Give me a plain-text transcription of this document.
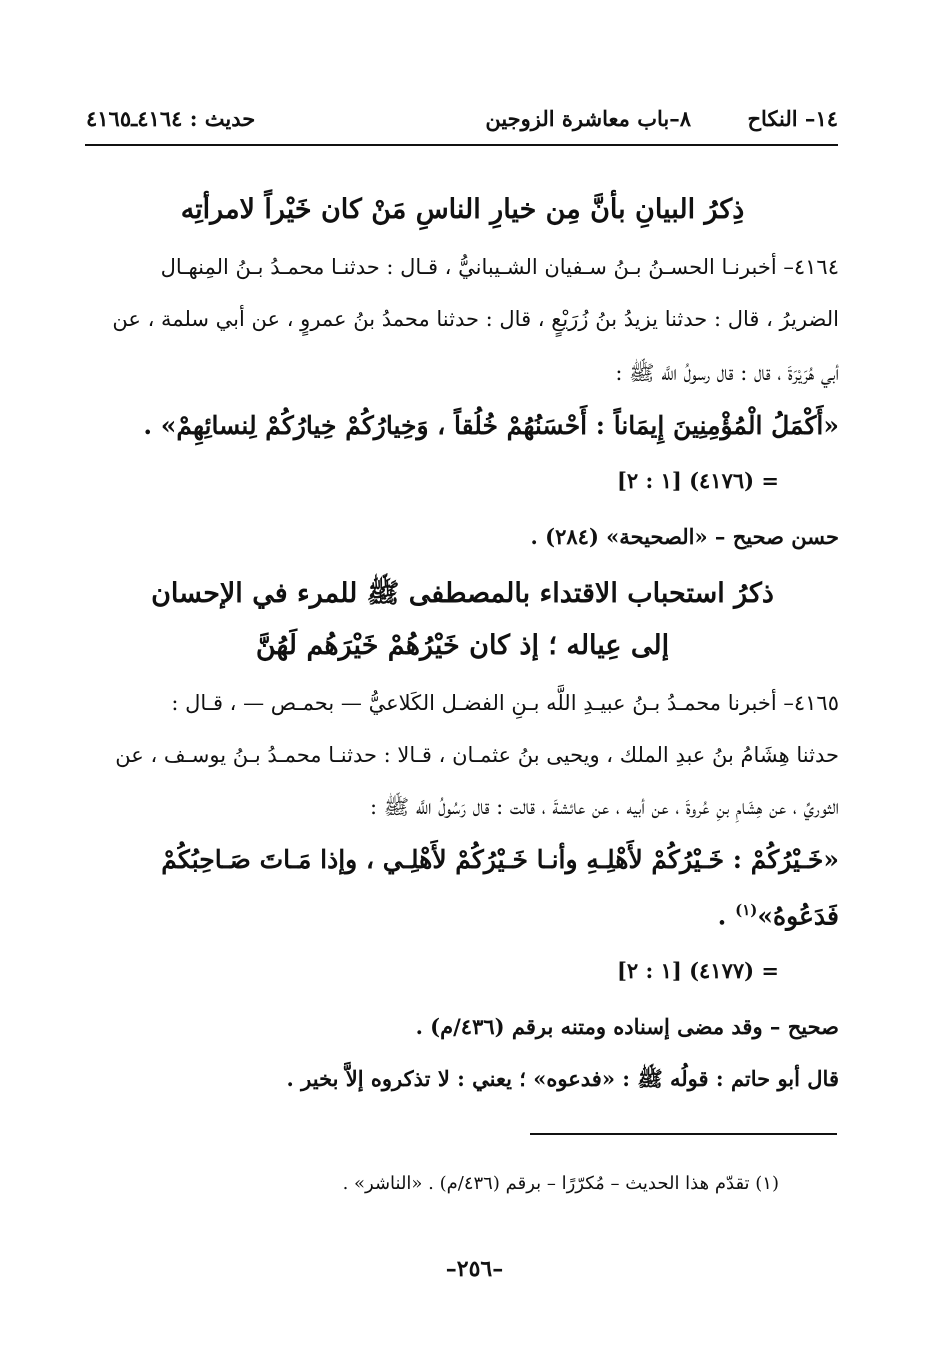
١٤– النكاح
٨–باب معاشرة الزوجين
حديث : ٤١٦٤ـ٤١٦٥
ذِكرُ البيانِ بأنَّ مِن خيارِ الناسِ مَنْ كان خَيْراً لامرأتِه
٤١٦٤– أخبرنـا الحسـنُ بـنُ سـفيان الشـيبانيُّ ، قـال : حدثنـا محمـدُ بـنُ المِنهـال
الضريرُ ، قال : حدثنا يزيدُ بنُ زُرَيْعٍ ، قال : حدثنا محمدُ بنُ عمروٍ ، عن أبي سلمة ، عن
أبي هُرَيْرَةَ ، قال : قال رسولُ اللَّه ﷺ :
«أَكْمَلُ الْمُؤْمِنِينَ إِيمَاناً : أَحْسَنُهُمْ خُلُقاً ، وَخِيارُكُمْ خِيارُكُمْ لِنسائِهِمْ» .
= (٤١٧٦) [١ : ٢]
حسن صحيح – «الصحيحة» (٢٨٤) .
ذكرُ استحباب الاقتداء بالمصطفى ﷺ للمرء في الإحسان
إلى عِياله ؛ إذ كان خَيْرُهُمْ خَيْرَهُم لَهُنَّ
٤١٦٥– أخبرنا محمـدُ بـنُ عبيـدِ اللَّه بـنِ الفضـل الكَلاعيُّ — بحمـص — ، قـال :
حدثنا هِشَامُ بنُ عبدِ الملك ، ويحيى بنُ عثمـان ، قـالا : حدثنـا محمـدُ بـنُ يوسـف ، عن
الثوريِّ ، عن هِشَامِ بنِ عُروةَ ، عن أبيه ، عن عائشةَ ، قالت : قال رَسُولُ اللَّه ﷺ :
«خَـيْرُكُمْ : خَـيْرُكُمْ لأَهْلِـهِ وأنـا خَـيْرُكُمْ لأَهْلِـي ، وإذا مَـاتَ صَـاحِبُكُمْ
فَدَعُوهُ»$^{(١)}$ .
= (٤١٧٧) [١ : ٢]
صحيح – وقد مضى إسناده ومتنه برقم (٤٣٦/م) .
قال أبو حاتم : قولُه ﷺ : «فدعوه» ؛ يعني : لا تذكروه إلاَّ بخير .
(١) تقدّم هذا الحديث – مُكرّرًا – برقم (٤٣٦/م) . «الناشر» .
–٢٥٦–
